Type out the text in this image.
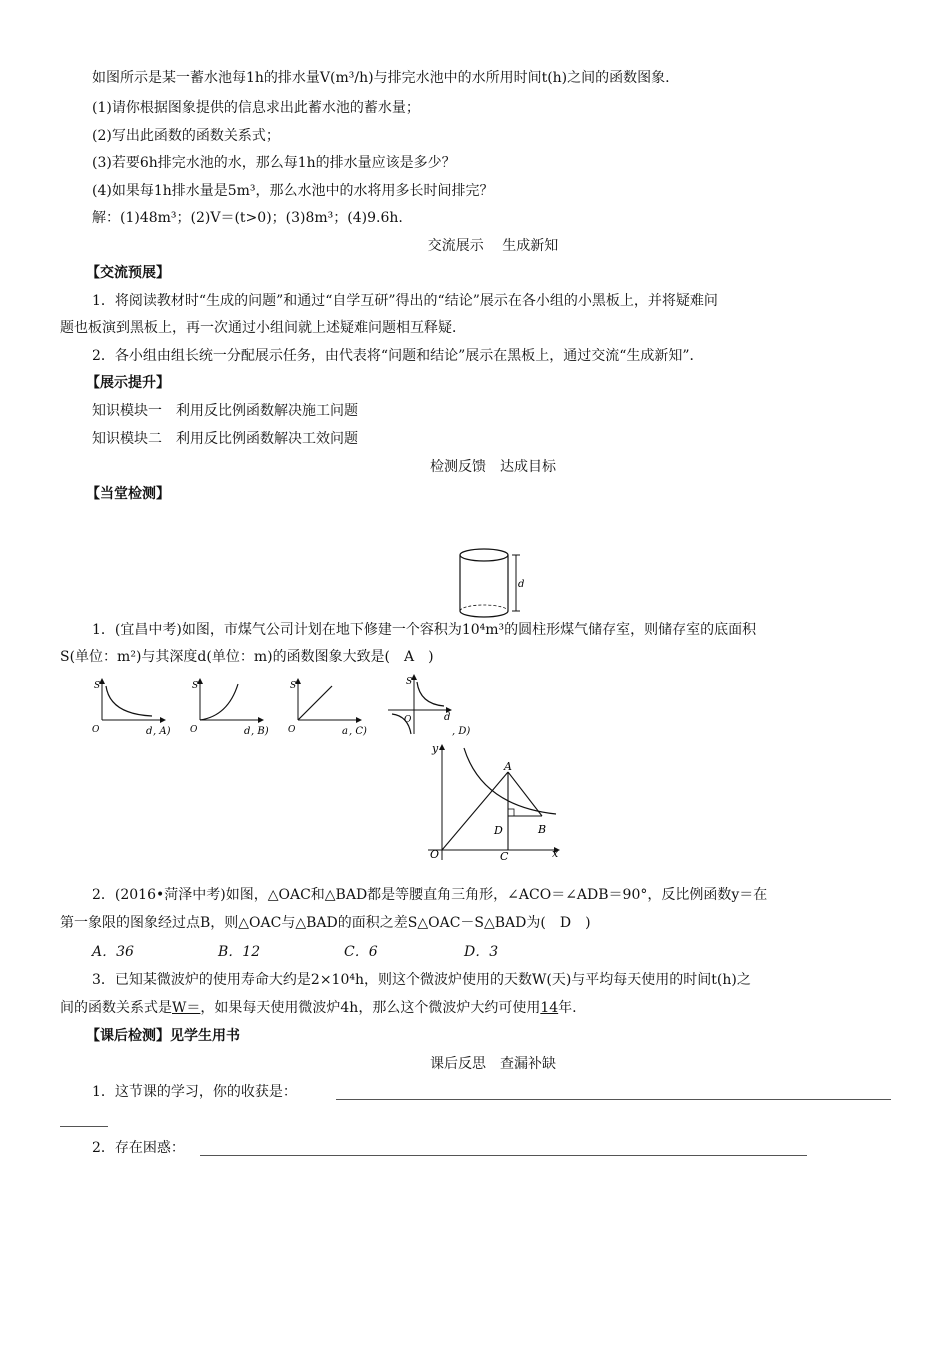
如图所示是某一蓄水池每1h的排水量V(m³/h)与排完水池中的水所用时间t(h)之间的函数图象.
(1)请你根据图象提供的信息求出此蓄水池的蓄水量；
(2)写出此函数的函数关系式；
(3)若要6h排完水池的水，那么每1h的排水量应该是多少？
(4)如果每1h排水量是5m³，那么水池中的水将用多长时间排完？
解：(1)48m³；(2)V＝(t>0)；(3)8m³；(4)9.6h.
交流展示　 生成新知
【交流预展】
1．将阅读教材时“生成的问题”和通过“自学互研”得出的“结论”展示在各小组的小黑板上，并将疑难问
题也板演到黑板上，再一次通过小组间就上述疑难问题相互释疑．
2．各小组由组长统一分配展示任务，由代表将“问题和结论”展示在黑板上，通过交流“生成新知”．
【展示提升】
知识模块一　利用反比例函数解决施工问题
知识模块二　利用反比例函数解决工效问题
检测反馈　达成目标
【当堂检测】
d
1．(宜昌中考)如图，市煤气公司计划在地下修建一个容积为10⁴m³的圆柱形煤气储存室，则储存室的底面积
S(单位：m²)与其深度d(单位：m)的函数图象大致是(　A　)
S
O	d , A)
S
O	d , B)
S
O	a , C)
S
O	d
, D)
y
x
O
A
B
C
D
2．(2016•菏泽中考)如图，△OAC和△BAD都是等腰直角三角形，∠ACO＝∠ADB＝90°，反比例函数y＝在
第一象限的图象经过点B，则△OAC与△BAD的面积之差S△OAC－S△BAD为(　D　)
A．36	B．12	C．6	D．3
3．已知某微波炉的使用寿命大约是2×10⁴h，则这个微波炉使用的天数W(天)与平均每天使用的时间t(h)之
间的函数关系式是W＝，如果每天使用微波炉4h，那么这个微波炉大约可使用14年.
【课后检测】见学生用书
课后反思　查漏补缺
1．这节课的学习，你的收获是：
2．存在困惑：
